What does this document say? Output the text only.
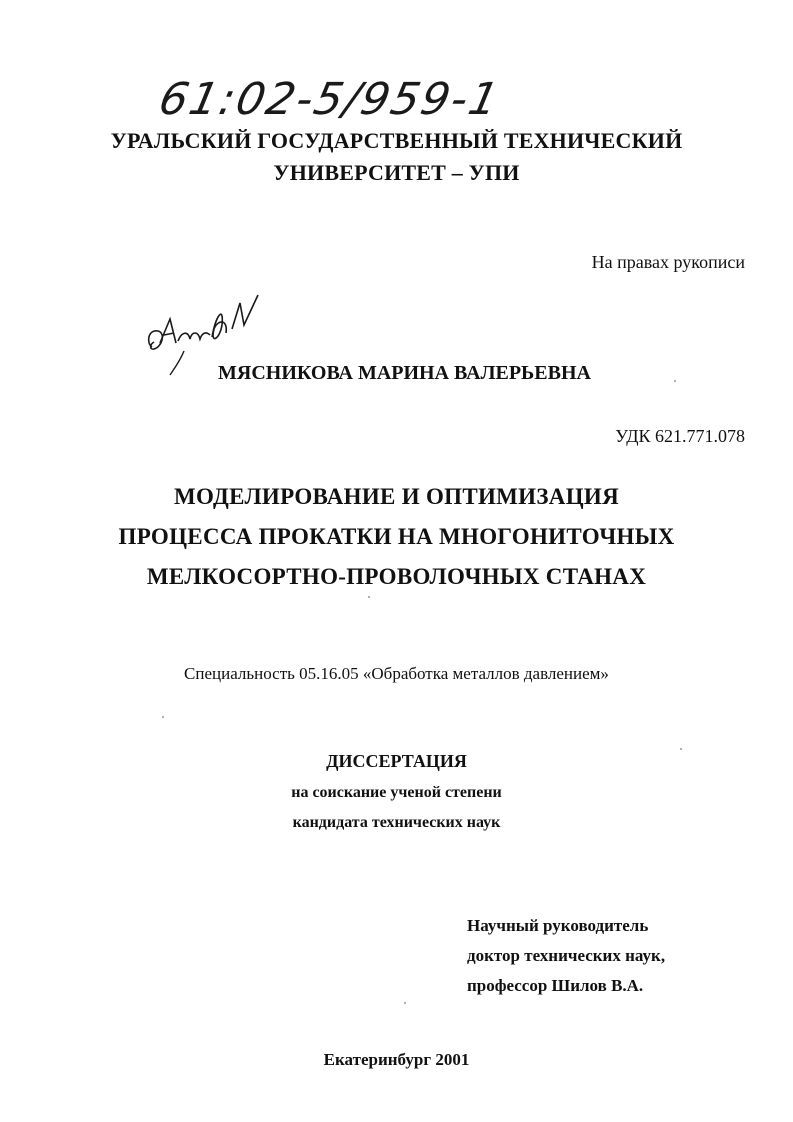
61:02-5/959-1
УРАЛЬСКИЙ ГОСУДАРСТВЕННЫЙ ТЕХНИЧЕСКИЙ
УНИВЕРСИТЕТ – УПИ
На правах рукописи
МЯСНИКОВА МАРИНА ВАЛЕРЬЕВНА
УДК 621.771.078
МОДЕЛИРОВАНИЕ И ОПТИМИЗАЦИЯ
ПРОЦЕССА ПРОКАТКИ НА МНОГОНИТОЧНЫХ
МЕЛКОСОРТНО-ПРОВОЛОЧНЫХ СТАНАХ
Специальность 05.16.05 «Обработка металлов давлением»
ДИССЕРТАЦИЯ
на соискание ученой степени
кандидата технических наук
Научный руководитель
доктор технических наук,
профессор Шилов В.А.
Екатеринбург 2001
